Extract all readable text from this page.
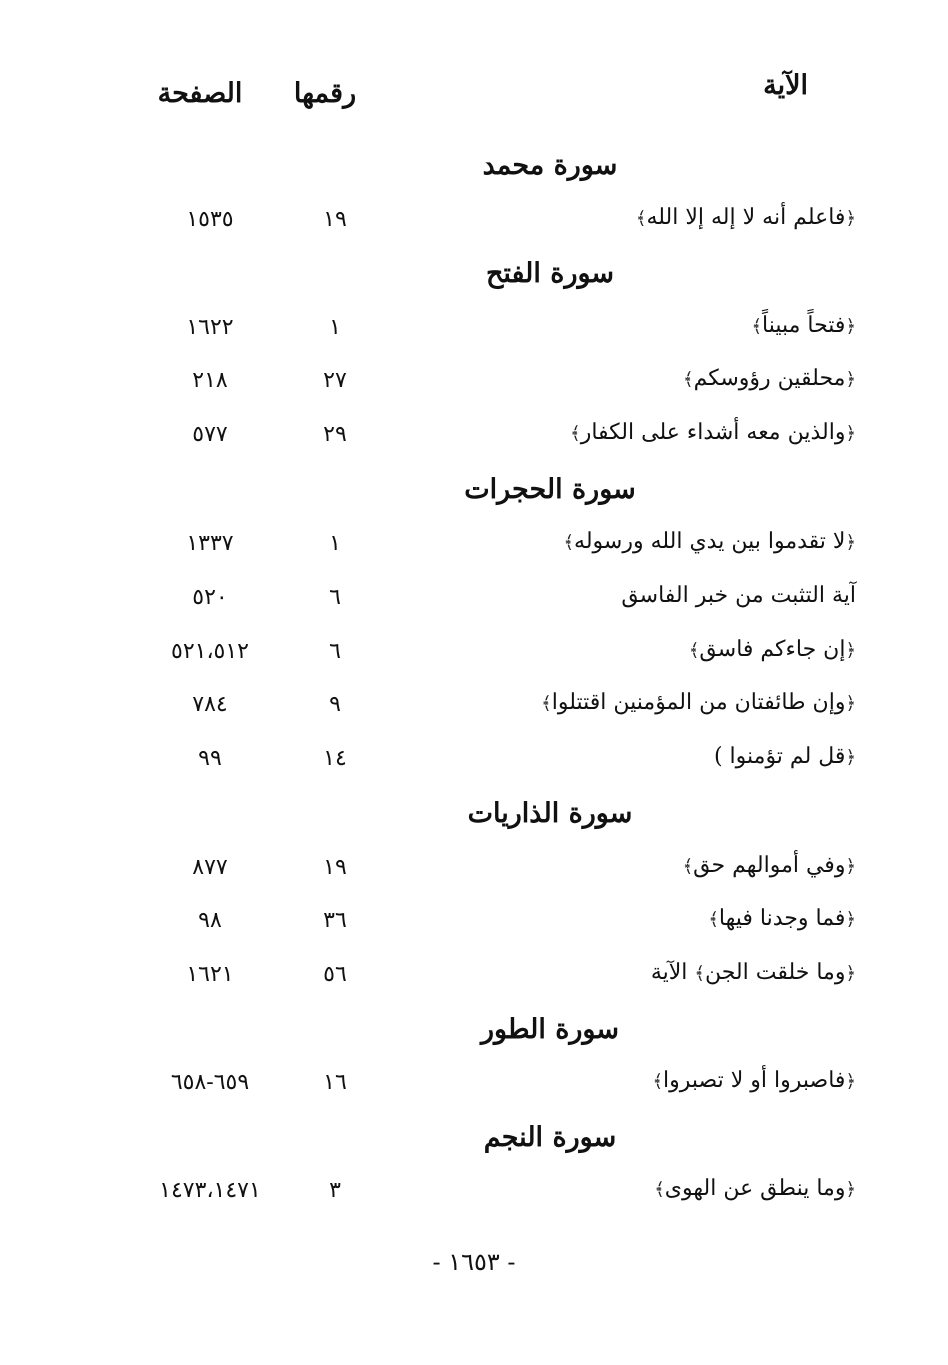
الآية
رقمها
الصفحة
سورة محمد
﴿فاعلم أنه لا إله إلا الله﴾
١٩
١٥٣٥
سورة الفتح
﴿فتحاً مبيناً﴾
١
١٦٢٢
﴿محلقين رؤوسكم﴾
٢٧
٢١٨
﴿والذين معه أشداء على الكفار﴾
٢٩
٥٧٧
سورة الحجرات
﴿لا تقدموا بين يدي الله ورسوله﴾
١
١٣٣٧
آية التثبت من خبر الفاسق
٦
٥٢٠
﴿إن جاءكم فاسق﴾
٦
٥٢١،٥١٢
﴿وإن طائفتان من المؤمنين اقتتلوا﴾
٩
٧٨٤
﴿قل لم تؤمنوا )
١٤
٩٩
سورة الذاريات
﴿وفي أموالهم حق﴾
١٩
٨٧٧
﴿فما وجدنا فيها﴾
٣٦
٩٨
﴿وما خلقت الجن﴾ الآية
٥٦
١٦٢١
سورة الطور
﴿فاصبروا أو لا تصبروا﴾
١٦
٦٥٩-٦٥٨
سورة النجم
﴿وما ينطق عن الهوى﴾
٣
١٤٧٣،١٤٧١
- ١٦٥٣ -
